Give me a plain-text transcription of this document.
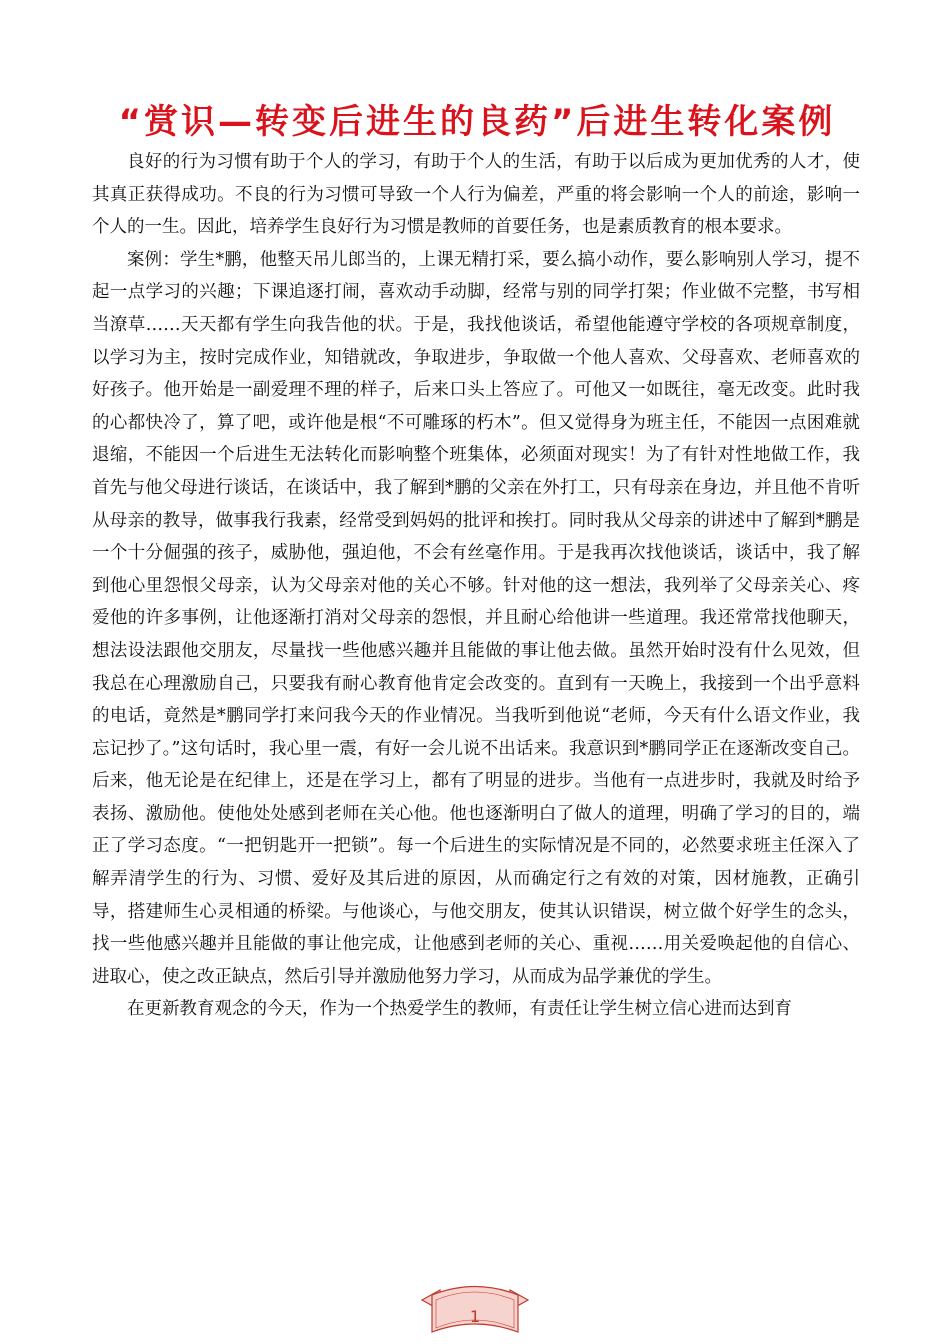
“赏识—转变后进生的良药”后进生转化案例

良好的行为习惯有助于个人的学习，有助于个人的生活，有助于以后成为更加优秀的人才，使其真正获得成功。不良的行为习惯可导致一个人行为偏差，严重的将会影响一个人的前途，影响一个人的一生。因此，培养学生良好行为习惯是教师的首要任务，也是素质教育的根本要求。

案例：学生*鹏，他整天吊儿郎当的，上课无精打采，要么搞小动作，要么影响别人学习，提不起一点学习的兴趣；下课追逐打闹，喜欢动手动脚，经常与别的同学打架；作业做不完整，书写相当潦草……天天都有学生向我告他的状。于是，我找他谈话，希望他能遵守学校的各项规章制度，以学习为主，按时完成作业，知错就改，争取进步，争取做一个他人喜欢、父母喜欢、老师喜欢的好孩子。他开始是一副爱理不理的样子，后来口头上答应了。可他又一如既往，毫无改变。此时我的心都快冷了，算了吧，或许他是根“不可雕琢的朽木”。但又觉得身为班主任，不能因一点困难就退缩，不能因一个后进生无法转化而影响整个班集体，必须面对现实！为了有针对性地做工作，我首先与他父母进行谈话，在谈话中，我了解到*鹏的父亲在外打工，只有母亲在身边，并且他不肯听从母亲的教导，做事我行我素，经常受到妈妈的批评和挨打。同时我从父母亲的讲述中了解到*鹏是一个十分倔强的孩子，威胁他，强迫他，不会有丝毫作用。于是我再次找他谈话，谈话中，我了解到他心里怨恨父母亲，认为父母亲对他的关心不够。针对他的这一想法，我列举了父母亲关心、疼爱他的许多事例，让他逐渐打消对父母亲的怨恨，并且耐心给他讲一些道理。我还常常找他聊天，想法设法跟他交朋友，尽量找一些他感兴趣并且能做的事让他去做。虽然开始时没有什么见效，但我总在心理激励自己，只要我有耐心教育他肯定会改变的。直到有一天晚上，我接到一个出乎意料的电话，竟然是*鹏同学打来问我今天的作业情况。当我听到他说“老师，今天有什么语文作业，我忘记抄了。”这句话时，我心里一震，有好一会儿说不出话来。我意识到*鹏同学正在逐渐改变自己。后来，他无论是在纪律上，还是在学习上，都有了明显的进步。当他有一点进步时，我就及时给予表扬、激励他。使他处处感到老师在关心他。他也逐渐明白了做人的道理，明确了学习的目的，端正了学习态度。“一把钥匙开一把锁”。每一个后进生的实际情况是不同的，必然要求班主任深入了解弄清学生的行为、习惯、爱好及其后进的原因，从而确定行之有效的对策，因材施教，正确引导，搭建师生心灵相通的桥梁。与他谈心，与他交朋友，使其认识错误，树立做个好学生的念头，找一些他感兴趣并且能做的事让他完成，让他感到老师的关心、重视……用关爱唤起他的自信心、进取心，使之改正缺点，然后引导并激励他努力学习，从而成为品学兼优的学生。

在更新教育观念的今天，作为一个热爱学生的教师，有责任让学生树立信心进而达到育

1
